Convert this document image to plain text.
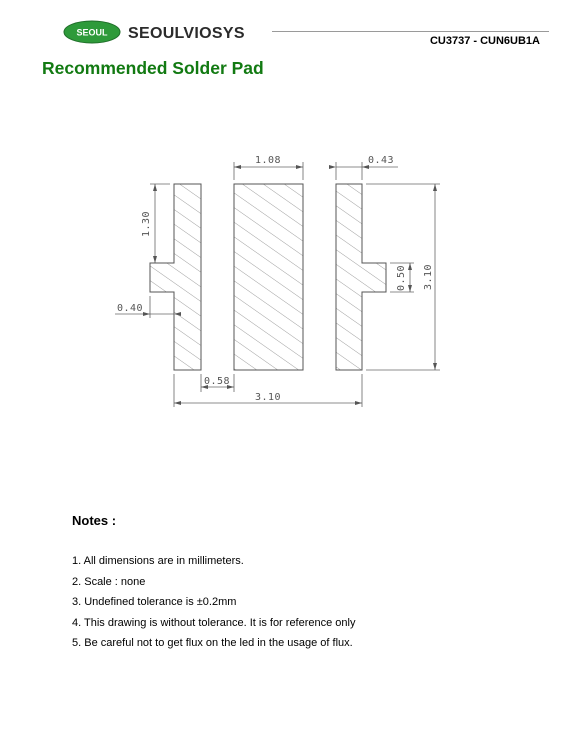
SEOUL SEOULVIOSYS	CU3737 - CUN6UB1A
Recommended Solder Pad
1.08	0.43
1.30
0.40
0.50 3.10
0.58
3.10
Notes :
1. All dimensions are in millimeters.
2. Scale : none
3. Undefined tolerance is ±0.2mm
4. This drawing is without tolerance. It is for reference only
5. Be careful not to get flux on the led in the usage of flux.
